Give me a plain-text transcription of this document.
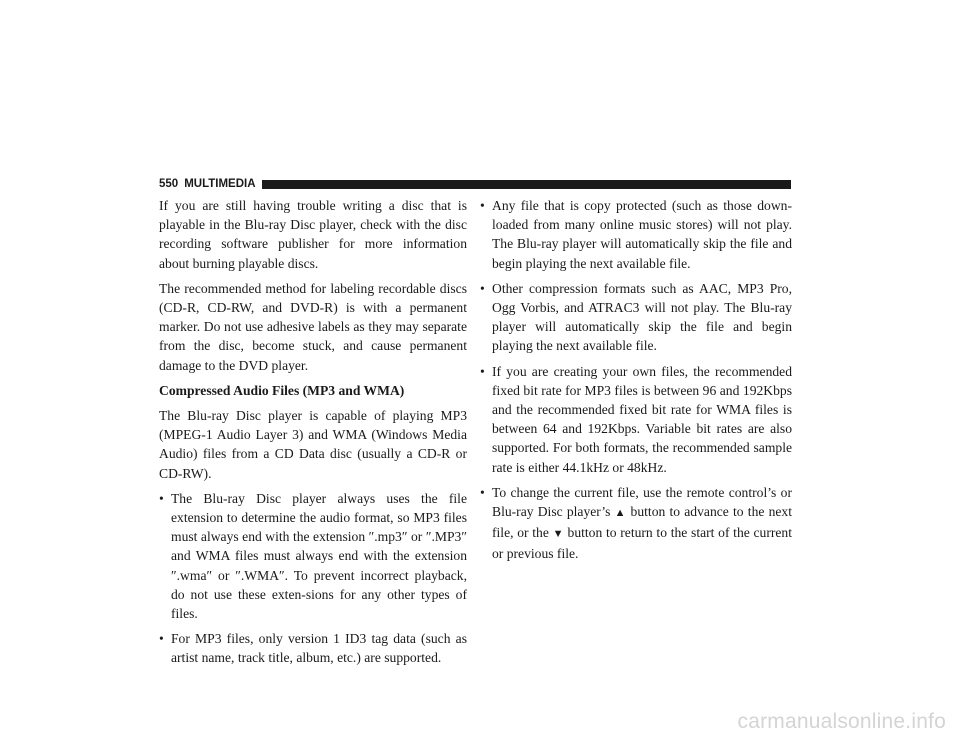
550 MULTIMEDIA

If you are still having trouble writing a disc that is playable in the Blu-ray Disc player, check with the disc recording software publisher for more information about burning playable discs.

The recommended method for labeling recordable discs (CD-R, CD-RW, and DVD-R) is with a permanent marker. Do not use adhesive labels as they may separate from the disc, become stuck, and cause permanent damage to the DVD player.

Compressed Audio Files (MP3 and WMA)

The Blu-ray Disc player is capable of playing MP3 (MPEG-1 Audio Layer 3) and WMA (Windows Media Audio) files from a CD Data disc (usually a CD-R or CD-RW).

• The Blu-ray Disc player always uses the file extension to determine the audio format, so MP3 files must always end with the extension ″.mp3″ or ″.MP3″ and WMA files must always end with the extension ″.wma″ or ″.WMA″. To prevent incorrect playback, do not use these exten-sions for any other types of files.
• For MP3 files, only version 1 ID3 tag data (such as artist name, track title, album, etc.) are supported.
• Any file that is copy protected (such as those down-loaded from many online music stores) will not play. The Blu-ray player will automatically skip the file and begin playing the next available file.
• Other compression formats such as AAC, MP3 Pro, Ogg Vorbis, and ATRAC3 will not play. The Blu-ray player will automatically skip the file and begin playing the next available file.
• If you are creating your own files, the recommended fixed bit rate for MP3 files is between 96 and 192Kbps and the recommended fixed bit rate for WMA files is between 64 and 192Kbps. Variable bit rates are also supported. For both formats, the recommended sample rate is either 44.1kHz or 48kHz.
• To change the current file, use the remote control’s or Blu-ray Disc player’s ▲ button to advance to the next file, or the ▼ button to return to the start of the current or previous file.
carmanualsonline.info
